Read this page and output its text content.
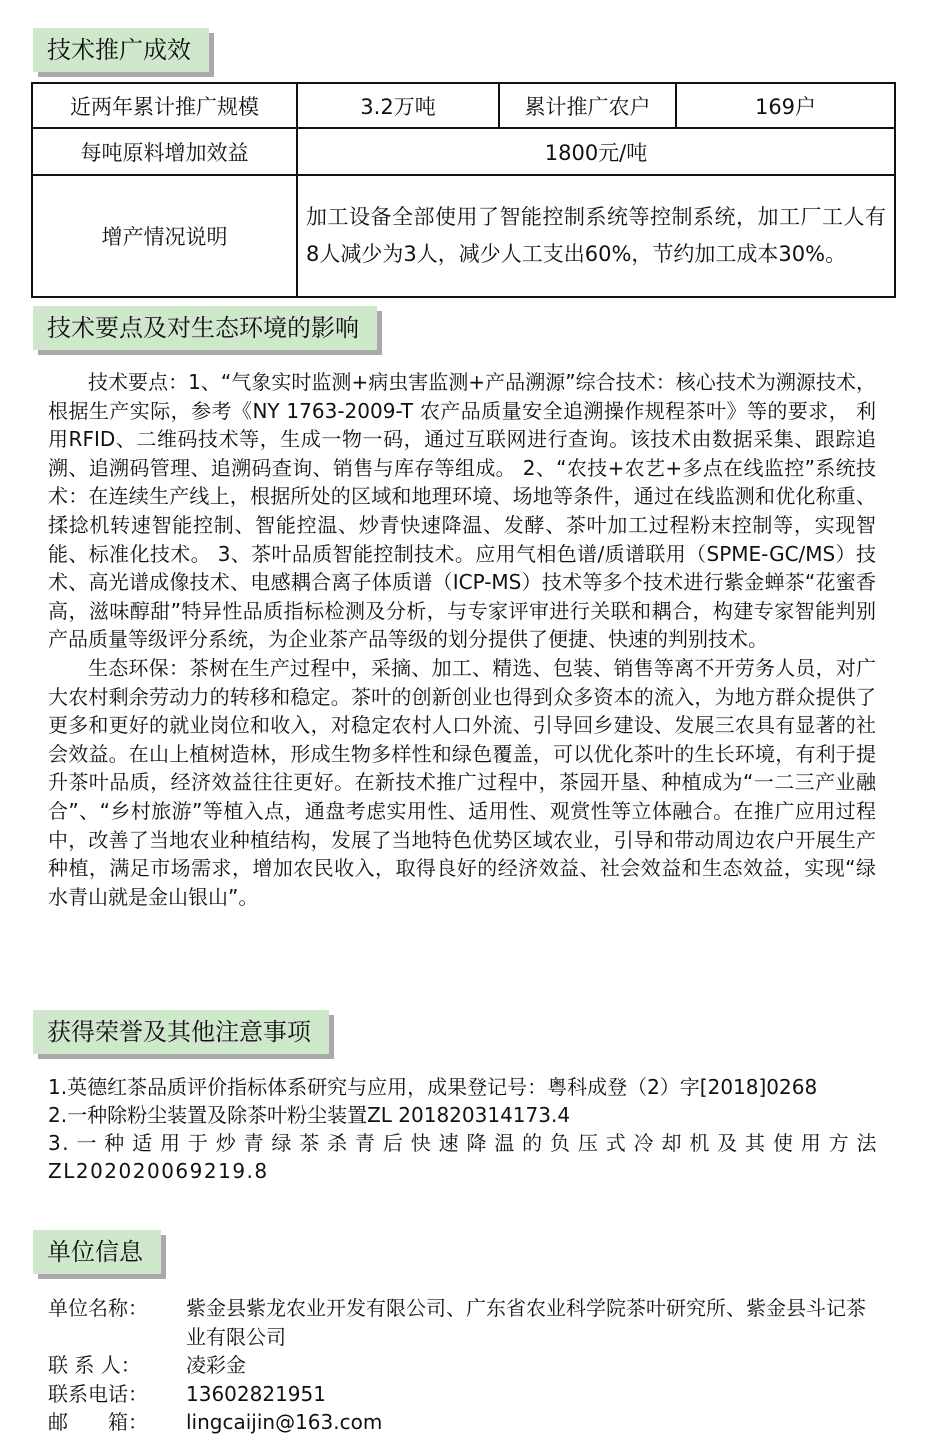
技术推广成效
近两年累计推广规模	3.2万吨	累计推广农户	169户
每吨原料增加效益	1800元/吨		
增产情况说明	加工设备全部使用了智能控制系统等控制系统，加工厂工人有8人减少为3人，减少人工支出60%，节约加工成本30%。		
技术要点及对生态环境的影响

技术要点：1、“气象实时监测+病虫害监测+产品溯源”综合技术：核心技术为溯源技术，根据生产实际，参考《NY 1763-2009-T 农产品质量安全追溯操作规程茶叶》等的要求， 利用RFID、二维码技术等，生成一物一码，通过互联网进行查询。该技术由数据采集、跟踪追溯、追溯码管理、追溯码查询、销售与库存等组成。 2、“农技+农艺+多点在线监控”系统技术：在连续生产线上，根据所处的区域和地理环境、场地等条件，通过在线监测和优化称重、揉捻机转速智能控制、智能控温、炒青快速降温、发酵、茶叶加工过程粉末控制等，实现智能、标准化技术。 3、茶叶品质智能控制技术。应用气相色谱/质谱联用（SPME-GC/MS）技术、高光谱成像技术、电感耦合离子体质谱（ICP-MS）技术等多个技术进行紫金蝉茶“花蜜香高，滋味醇甜”特异性品质指标检测及分析，与专家评审进行关联和耦合，构建专家智能判别产品质量等级评分系统，为企业茶产品等级的划分提供了便捷、快速的判别技术。

生态环保：茶树在生产过程中，采摘、加工、精选、包装、销售等离不开劳务人员，对广大农村剩余劳动力的转移和稳定。茶叶的创新创业也得到众多资本的流入，为地方群众提供了更多和更好的就业岗位和收入，对稳定农村人口外流、引导回乡建设、发展三农具有显著的社会效益。在山上植树造林，形成生物多样性和绿色覆盖，可以优化茶叶的生长环境，有利于提升茶叶品质，经济效益往往更好。在新技术推广过程中，茶园开垦、种植成为“一二三产业融合”、“乡村旅游”等植入点，通盘考虑实用性、适用性、观赏性等立体融合。在推广应用过程中，改善了当地农业种植结构，发展了当地特色优势区域农业，引导和带动周边农户开展生产种植，满足市场需求，增加农民收入，取得良好的经济效益、社会效益和生态效益，实现“绿水青山就是金山银山”。

获得荣誉及其他注意事项
1.英德红茶品质评价指标体系研究与应用，成果登记号：粤科成登（2）字[2018]0268
2.一种除粉尘装置及除茶叶粉尘装置ZL 201820314173.4
3.一种适用于炒青绿茶杀青后快速降温的负压式冷却机及其使用方法ZL202020069219.8
单位信息
单位名称：	紫金县紫龙农业开发有限公司、广东省农业科学院茶叶研究所、紫金县斗记茶业有限公司
联 系 人：	凌彩金
联系电话：	13602821951
邮　　箱：	lingcaijin@163.com
